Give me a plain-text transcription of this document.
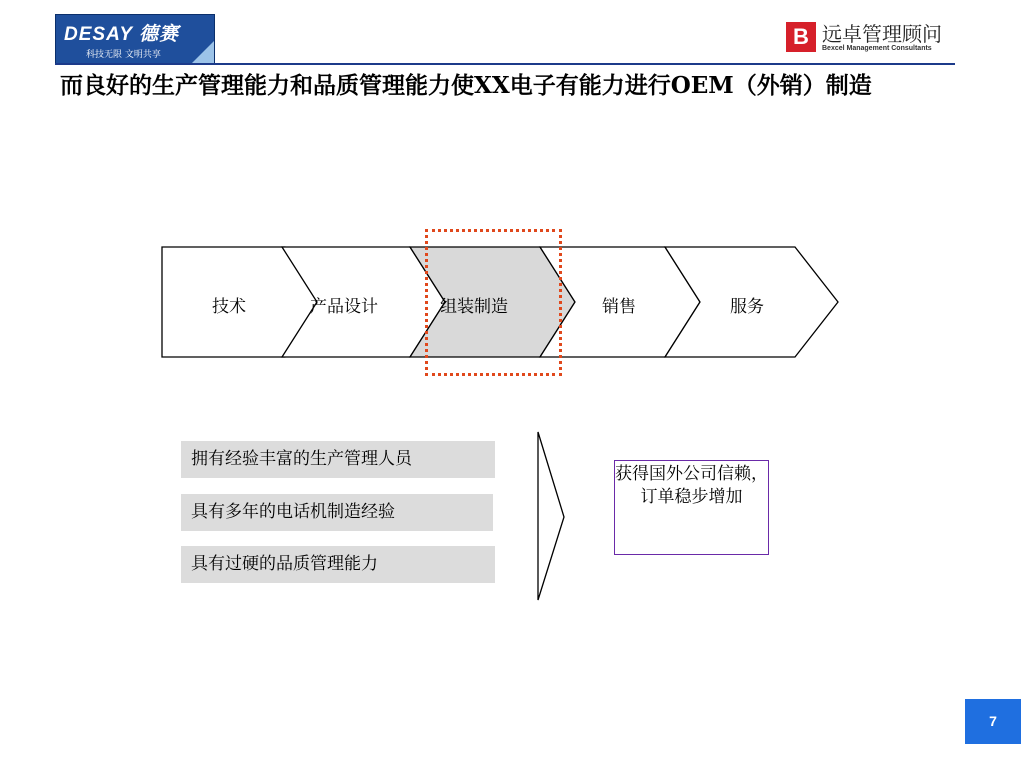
DESAY 德赛
科技无限 文明共享
B 远卓管理顾问
Bexcel Management Consultants
而良好的生产管理能力和品质管理能力使XX电子有能力进行OEM（外销）制造
技术	产品设计	组装制造	销售	服务
拥有经验丰富的生产管理人员
具有多年的电话机制造经验
具有过硬的品质管理能力
获得国外公司信赖，订单稳步增加
7
